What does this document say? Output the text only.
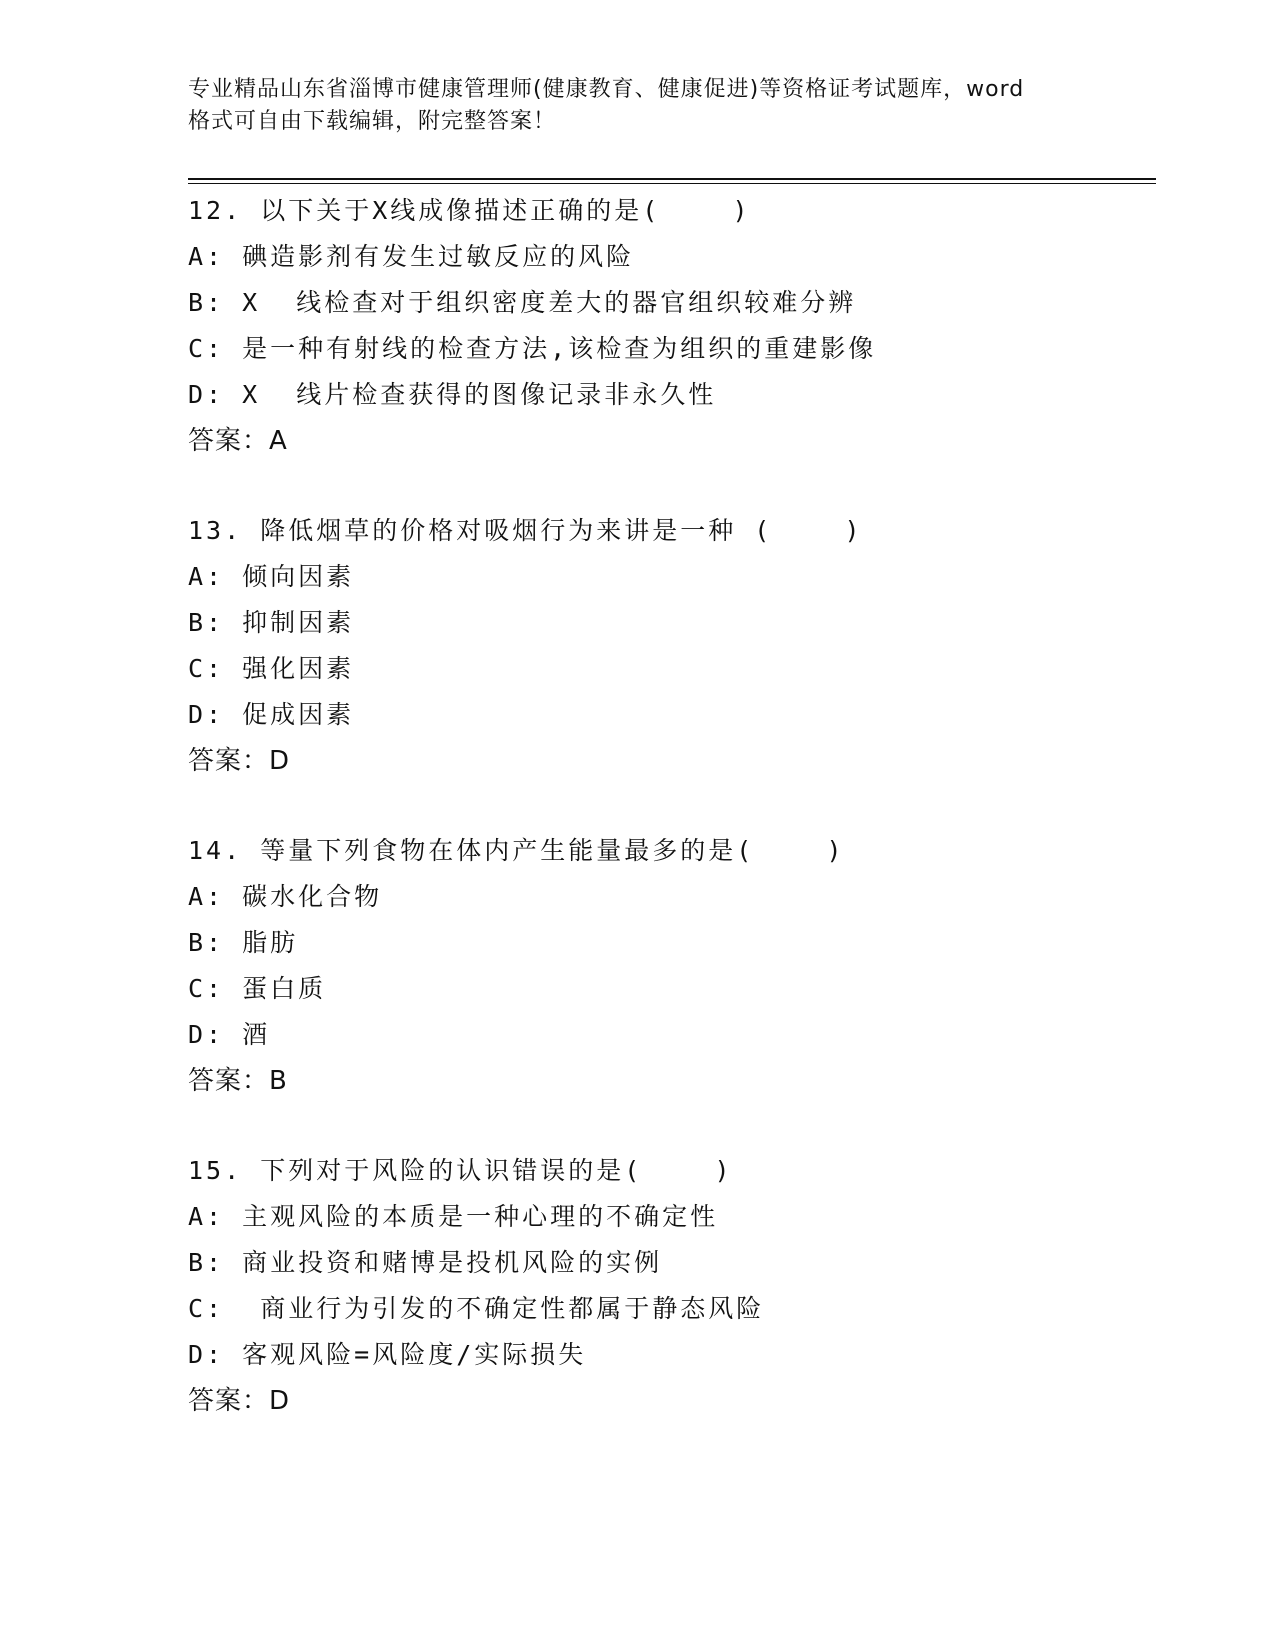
专业精品山东省淄博市健康管理师(健康教育、健康促进)等资格证考试题库，word
格式可自由下载编辑，附完整答案！
12. 以下关于X线成像描述正确的是(    )
A: 碘造影剂有发生过敏反应的风险
B: X  线检查对于组织密度差大的器官组织较难分辨
C: 是一种有射线的检查方法,该检查为组织的重建影像
D: X  线片检查获得的图像记录非永久性
答案：A
13. 降低烟草的价格对吸烟行为来讲是一种 (    )
A: 倾向因素
B: 抑制因素
C: 强化因素
D: 促成因素
答案：D
14. 等量下列食物在体内产生能量最多的是(    )
A: 碳水化合物
B: 脂肪
C: 蛋白质
D: 酒
答案：B
15. 下列对于风险的认识错误的是(    )
A: 主观风险的本质是一种心理的不确定性
B: 商业投资和赌博是投机风险的实例
C:  商业行为引发的不确定性都属于静态风险
D: 客观风险=风险度/实际损失
答案：D
